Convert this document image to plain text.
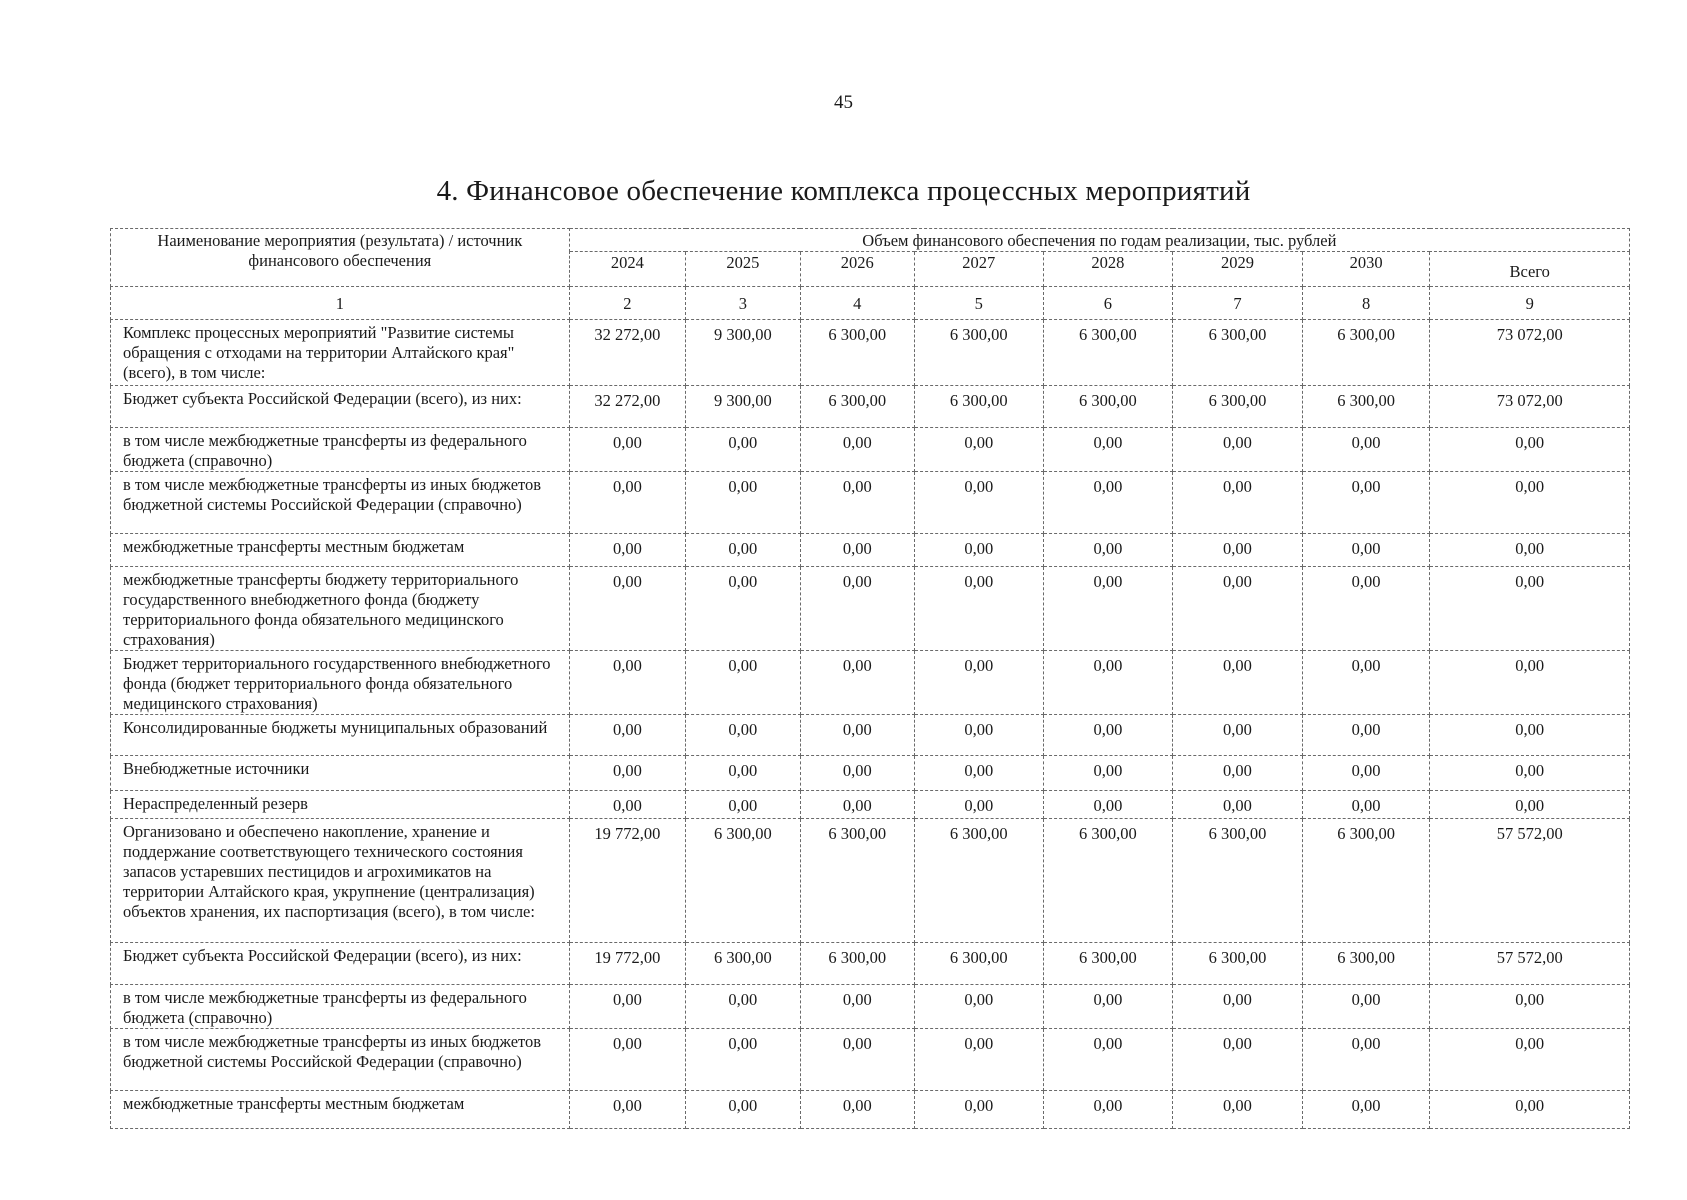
45
4. Финансовое обеспечение комплекса процессных мероприятий
Наименование мероприятия (результата) / источник финансового обеспечения	Объем финансового обеспечения по годам реализации, тыс. рублей							
	2024	2025	2026	2027	2028	2029	2030	Всего
1	2	3	4	5	6	7	8	9
Комплекс процессных мероприятий "Развитие системы обращения с отходами на территории Алтайского края" (всего), в том числе:	32 272,00	9 300,00	6 300,00	6 300,00	6 300,00	6 300,00	6 300,00	73 072,00
Бюджет субъекта Российской Федерации (всего), из них:	32 272,00	9 300,00	6 300,00	6 300,00	6 300,00	6 300,00	6 300,00	73 072,00
в том числе межбюджетные трансферты из федерального бюджета (справочно)	0,00	0,00	0,00	0,00	0,00	0,00	0,00	0,00
в том числе межбюджетные трансферты из иных бюджетов бюджетной системы Российской Федерации (справочно)	0,00	0,00	0,00	0,00	0,00	0,00	0,00	0,00
межбюджетные трансферты местным бюджетам	0,00	0,00	0,00	0,00	0,00	0,00	0,00	0,00
межбюджетные трансферты бюджету территориального государственного внебюджетного фонда (бюджету территориального фонда обязательного медицинского страхования)	0,00	0,00	0,00	0,00	0,00	0,00	0,00	0,00
Бюджет территориального государственного внебюджетного фонда (бюджет территориального фонда обязательного медицинского страхования)	0,00	0,00	0,00	0,00	0,00	0,00	0,00	0,00
Консолидированные бюджеты муниципальных образований	0,00	0,00	0,00	0,00	0,00	0,00	0,00	0,00
Внебюджетные источники	0,00	0,00	0,00	0,00	0,00	0,00	0,00	0,00
Нераспределенный резерв	0,00	0,00	0,00	0,00	0,00	0,00	0,00	0,00
Организовано и обеспечено накопление, хранение и поддержание соответствующего технического состояния запасов устаревших пестицидов и агрохимикатов на территории Алтайского края, укрупнение (централизация) объектов хранения, их паспортизация (всего), в том числе:	19 772,00	6 300,00	6 300,00	6 300,00	6 300,00	6 300,00	6 300,00	57 572,00
Бюджет субъекта Российской Федерации (всего), из них:	19 772,00	6 300,00	6 300,00	6 300,00	6 300,00	6 300,00	6 300,00	57 572,00
в том числе межбюджетные трансферты из федерального бюджета (справочно)	0,00	0,00	0,00	0,00	0,00	0,00	0,00	0,00
в том числе межбюджетные трансферты из иных бюджетов бюджетной системы Российской Федерации (справочно)	0,00	0,00	0,00	0,00	0,00	0,00	0,00	0,00
межбюджетные трансферты местным бюджетам	0,00	0,00	0,00	0,00	0,00	0,00	0,00	0,00
